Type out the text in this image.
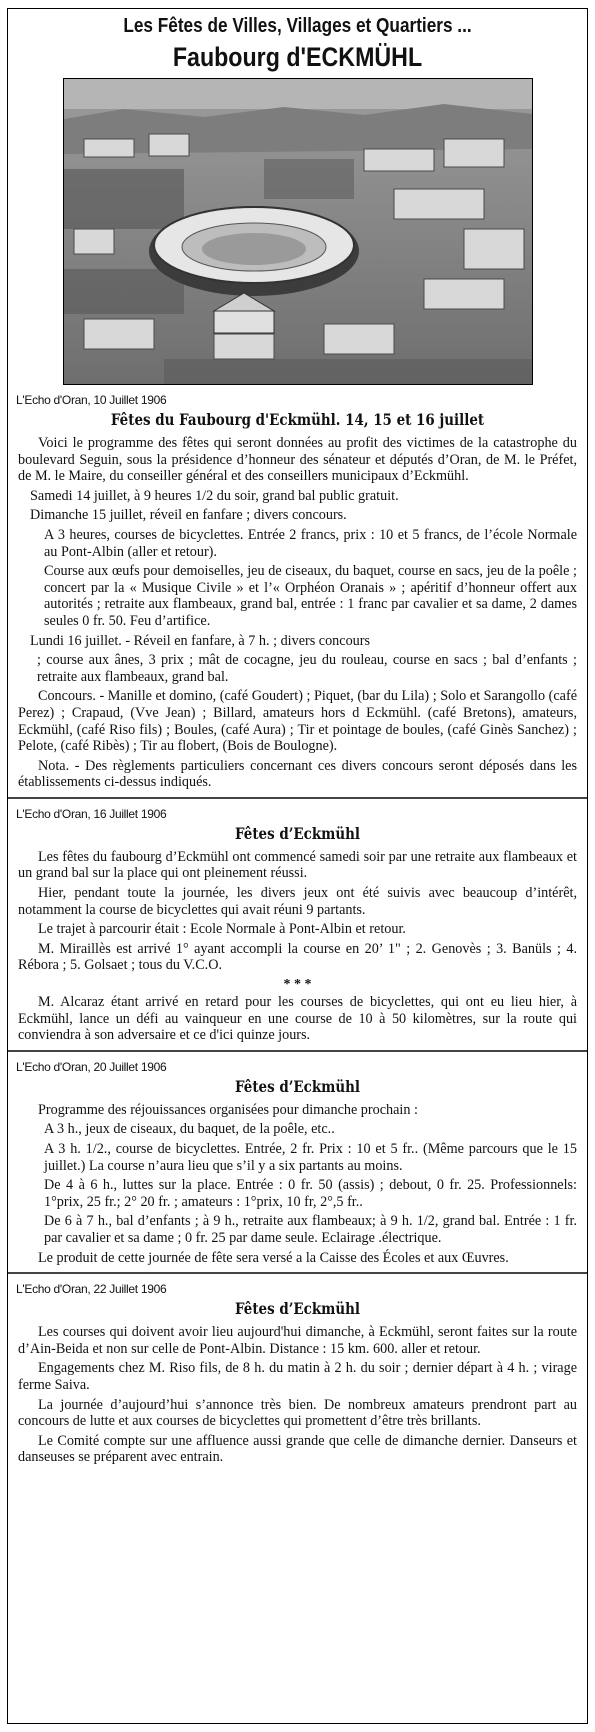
Les Fêtes de Villes, Villages et Quartiers ...
Faubourg d'ECKMÜHL
L'Echo d'Oran, 10 Juillet 1906
Fêtes du Faubourg d'Eckmühl. 14, 15 et 16 juillet
Voici le programme des fêtes qui seront données au profit des victimes de la catastrophe du boulevard Seguin, sous la présidence d’honneur des sénateur et députés d’Oran, de M. le Préfet, de M. le Maire, du conseiller général et des conseillers municipaux d’Eckmühl.
Samedi 14 juillet, à 9 heures 1/2 du soir, grand bal public gratuit.
Dimanche 15 juillet, réveil en fanfare ; divers concours.
A 3 heures, courses de bicyclettes. Entrée 2 francs, prix : 10 et 5 francs, de l’école Normale au Pont-Albin (aller et retour).
Course aux œufs pour demoiselles, jeu de ciseaux, du baquet, course en sacs, jeu de la poêle ; concert par la « Musique Civile » et l’« Orphéon Oranais » ; apéritif d’honneur offert aux autorités ; retraite aux flambeaux, grand bal, entrée : 1 franc par cavalier et sa dame, 2 dames seules 0 fr. 50. Feu d’artifice.
Lundi 16 juillet. - Réveil en fanfare, à 7 h. ; divers concours
; course aux ânes, 3 prix ; mât de cocagne, jeu du rouleau, course en sacs ; bal d’enfants ; retraite aux flambeaux, grand bal.
Concours. - Manille et domino, (café Goudert) ; Piquet, (bar du Lila) ; Solo et Sarangollo (café Perez) ; Crapaud, (Vve Jean) ; Billard, amateurs hors d Eckmühl. (café Bretons), amateurs, Eckmühl, (café Riso fils) ; Boules, (café Aura) ; Tir et pointage de boules, (café Ginès Sanchez) ; Pelote, (café Ribès) ; Tir au flobert, (Bois de Boulogne).
Nota. - Des règlements particuliers concernant ces divers concours seront déposés dans les établissements ci-dessus indiqués.
L'Echo d'Oran, 16 Juillet 1906
Fêtes d’Eckmühl
Les fêtes du faubourg d’Eckmühl ont commencé samedi soir par une retraite aux flambeaux et un grand bal sur la place qui ont pleinement réussi.
Hier, pendant toute la journée, les divers jeux ont été suivis avec beaucoup d’intérêt, notamment la course de bicyclettes qui avait réuni 9 partants.
Le trajet à parcourir était : Ecole Normale à Pont-Albin et retour.
M. Miraillès est arrivé 1° ayant accompli la course en 20’ 1" ; 2. Genovès ; 3. Banüls ; 4. Rébora ; 5. Golsaet ; tous du V.C.O.
* * *
M. Alcaraz étant arrivé en retard pour les courses de bicyclettes, qui ont eu lieu hier, à Eckmühl, lance un défi au vainqueur en une course de 10 à 50 kilomètres, sur la route qui conviendra à son adversaire et ce d'ici quinze jours.
L'Echo d'Oran, 20 Juillet 1906
Fêtes d’Eckmühl
Programme des réjouissances organisées pour dimanche prochain :
A 3 h., jeux de ciseaux, du baquet, de la poêle, etc..
A 3 h. 1/2., course de bicyclettes. Entrée, 2 fr. Prix : 10 et 5 fr.. (Même parcours que le 15 juillet.) La course n’aura lieu que s’il y a six partants au moins.
De 4 à 6 h., luttes sur la place. Entrée : 0 fr. 50 (assis) ; debout, 0 fr. 25. Professionnels: 1°prix, 25 fr.; 2° 20 fr. ; amateurs : 1°prix, 10 fr, 2°,5 fr..
De 6 à 7 h., bal d’enfants ; à 9 h., retraite aux flambeaux; à 9 h. 1/2, grand bal. Entrée : 1 fr. par cavalier et sa dame ; 0 fr. 25 par dame seule. Eclairage .électrique.
Le produit de cette journée de fête sera versé a la Caisse des Écoles et aux Œuvres.
L'Echo d'Oran, 22 Juillet 1906
Fêtes d’Eckmühl
Les courses qui doivent avoir lieu aujourd'hui dimanche, à Eckmühl, seront faites sur la route d’Ain-Beida et non sur celle de Pont-Albin. Distance : 15 km. 600. aller et retour.
Engagements chez M. Riso fils, de 8 h. du matin à 2 h. du soir ; dernier départ à 4 h. ; virage ferme Saiva.
La journée d’aujourd’hui s’annonce très bien. De nombreux amateurs prendront part au concours de lutte et aux courses de bicyclettes qui promettent d’être très brillants.
Le Comité compte sur une affluence aussi grande que celle de dimanche dernier. Danseurs et danseuses se préparent avec entrain.
